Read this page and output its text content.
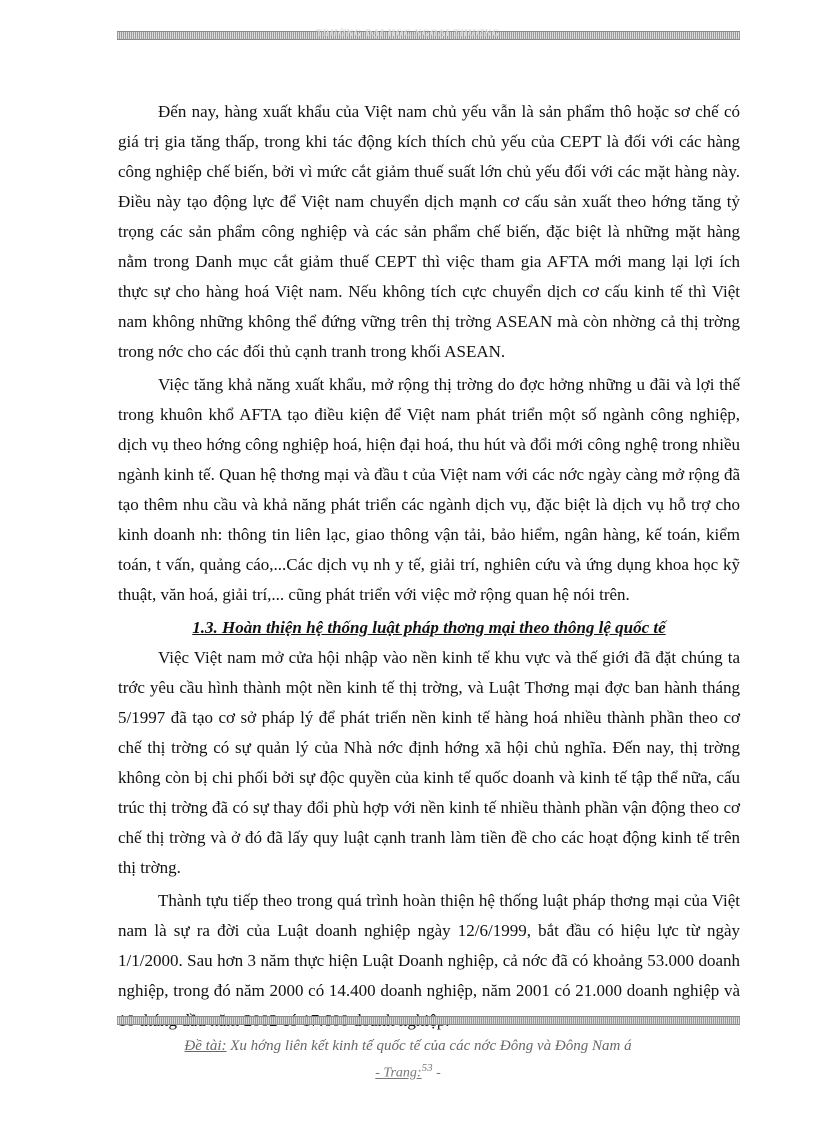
TRƯỜNG ĐẠI HỌC NGOẠI THƯƠNG

Đến nay, hàng xuất khẩu của Việt nam chủ yếu vẫn là sản phẩm thô hoặc sơ chế có giá trị gia tăng thấp, trong khi tác động kích thích chủ yếu của CEPT là đối với các hàng công nghiệp chế biến, bởi vì mức cắt giảm thuế suất lớn chủ yếu đối với các mặt hàng này. Điều này tạo động lực để Việt nam chuyển dịch mạnh cơ cấu sản xuất theo hớng tăng tỷ trọng các sản phẩm công nghiệp và các sản phẩm chế biến, đặc biệt là những mặt hàng nằm trong Danh mục cắt giảm thuế CEPT thì việc tham gia AFTA mới mang lại lợi ích thực sự cho hàng hoá Việt nam. Nếu không tích cực chuyển dịch cơ cấu kinh tế thì Việt nam không những không thể đứng vững trên thị trờng ASEAN mà còn nhờng cả thị trờng trong nớc cho các đối thủ cạnh tranh trong khối ASEAN.

Việc tăng khả năng xuất khẩu, mở rộng thị trờng do đợc hởng những u đãi và lợi thế trong khuôn khổ AFTA tạo điều kiện để Việt nam phát triển một số ngành công nghiệp, dịch vụ theo hớng công nghiệp hoá, hiện đại hoá, thu hút và đổi mới công nghệ trong nhiều ngành kinh tế. Quan hệ thơng mại và đầu t của Việt nam với các nớc ngày càng mở rộng đã tạo thêm nhu cầu và khả năng phát triển các ngành dịch vụ, đặc biệt là dịch vụ hỗ trợ cho kinh doanh nh: thông tin liên lạc, giao thông vận tải, bảo hiểm, ngân hàng, kế toán, kiểm toán, t vấn, quảng cáo,...Các dịch vụ nh y tế, giải trí, nghiên cứu và ứng dụng khoa học kỹ thuật, văn hoá, giải trí,... cũng phát triển với việc mở rộng quan hệ nói trên.

1.3. Hoàn thiện hệ thống luật pháp thơng mại theo thông lệ quốc tế

Việc Việt nam mở cửa hội nhập vào nền kinh tế khu vực và thế giới đã đặt chúng ta trớc yêu cầu hình thành một nền kinh tế thị trờng, và Luật Thơng mại đợc ban hành tháng 5/1997 đã tạo cơ sở pháp lý để phát triển nền kinh tế hàng hoá nhiều thành phần theo cơ chế thị trờng có sự quản lý của Nhà nớc định hớng xã hội chủ nghĩa. Đến nay, thị trờng không còn bị chi phối bởi sự độc quyền của kinh tế quốc doanh và kinh tế tập thể nữa, cấu trúc thị trờng đã có sự thay đổi phù hợp với nền kinh tế nhiều thành phần vận động theo cơ chế thị trờng và ở đó đã lấy quy luật cạnh tranh làm tiền đề cho các hoạt động kinh tế trên thị trờng.

Thành tựu tiếp theo trong quá trình hoàn thiện hệ thống luật pháp thơng mại của Việt nam là sự ra đời của Luật doanh nghiệp ngày 12/6/1999, bắt đầu có hiệu lực từ ngày 1/1/2000. Sau hơn 3 năm thực hiện Luật Doanh nghiệp, cả nớc đã có khoảng 53.000 doanh nghiệp, trong đó năm 2000 có 14.400 doanh nghiệp, năm 2001 có 21.000 doanh nghiệp và

Đề tài: Xu hớng liên kết kinh tế quốc tế của các nớc Đông và Đông Nam á
- Trang:$^{53}$ -
